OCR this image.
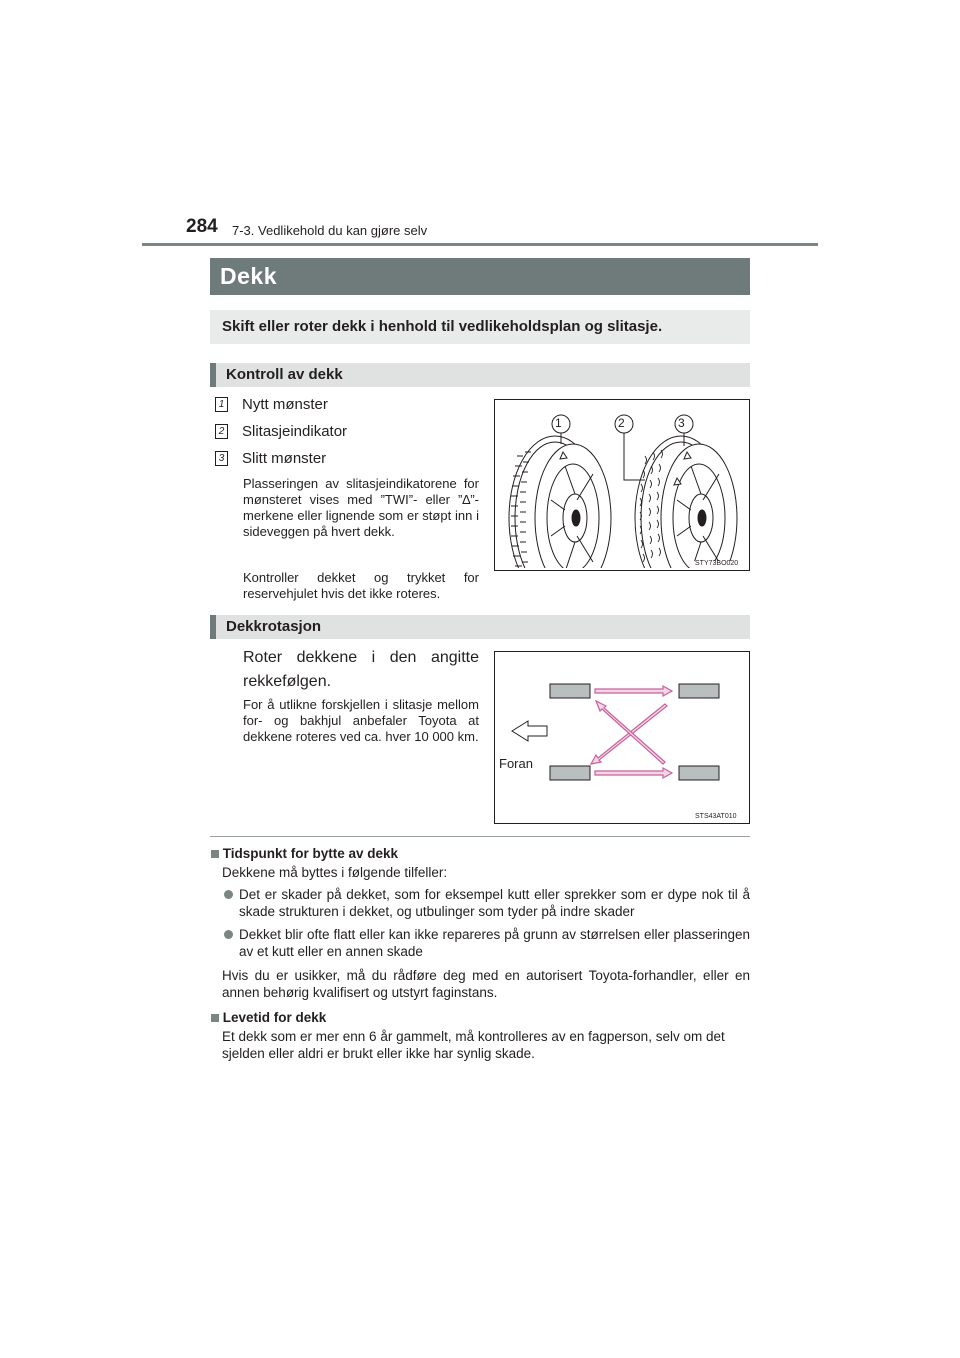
284 7-3. Vedlikehold du kan gjøre selv
Dekk
Skift eller roter dekk i henhold til vedlikeholdsplan og slitasje.
Kontroll av dekk
1 Nytt mønster
2 Slitasjeindikator
3 Slitt mønster
Plasseringen av slitasjeindikatorene for mønsteret vises med ”TWI”- eller ”∆”-merkene eller lignende som er støpt inn i sideveggen på hvert dekk.
Kontroller dekket og trykket for reservehjulet hvis det ikke roteres.
1	2	3
STY73BO020
Dekkrotasjon
Roter dekkene i den angitte rekkefølgen.
For å utlikne forskjellen i slitasje mellom for- og bakhjul anbefaler Toyota at dekkene roteres ved ca. hver 10 000 km.
Foran
STS43AT010
Tidspunkt for bytte av dekk
Dekkene må byttes i følgende tilfeller:
Det er skader på dekket, som for eksempel kutt eller sprekker som er dype nok til å skade strukturen i dekket, og utbulinger som tyder på indre skader
Dekket blir ofte flatt eller kan ikke repareres på grunn av størrelsen eller plasseringen av et kutt eller en annen skade
Hvis du er usikker, må du rådføre deg med en autorisert Toyota-forhandler, eller en annen behørig kvalifisert og utstyrt faginstans.
Levetid for dekk
Et dekk som er mer enn 6 år gammelt, må kontrolleres av en fagperson, selv om det sjelden eller aldri er brukt eller ikke har synlig skade.
